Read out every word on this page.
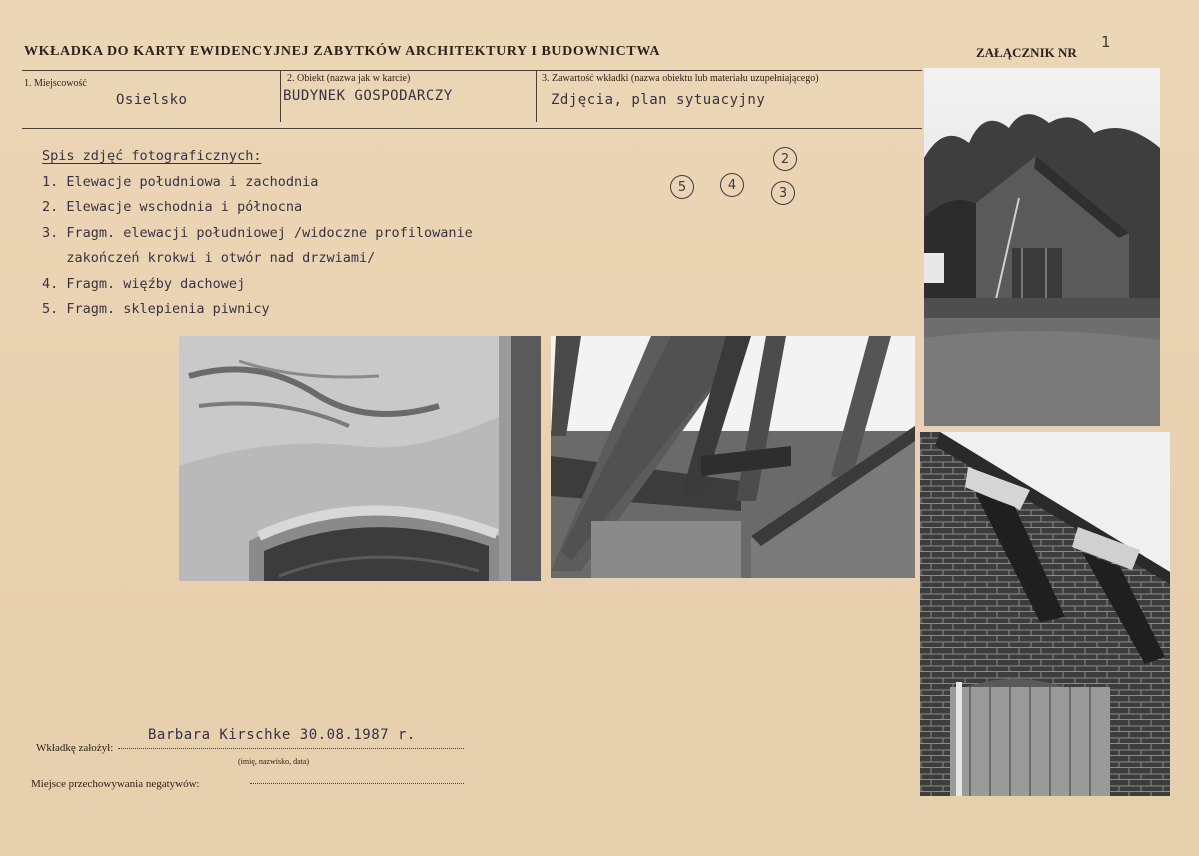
WKŁADKA DO KARTY EWIDENCYJNEJ ZABYTKÓW ARCHITEKTURY I BUDOWNICTWA	ZAŁĄCZNIK NR
1
1. Miejscowość
Osielsko
2. Obiekt (nazwa jak w karcie)
BUDYNEK GOSPODARCZY
3. Zawartość wkładki (nazwa obiektu lub materiału uzupełniającego)
Zdjęcia, plan sytuacyjny
Spis zdjęć fotograficznych:
1. Elewacje południowa i zachodnia
2. Elewacje wschodnia i północna
3. Fragm. elewacji południowej /widoczne profilowanie
zakończeń krokwi i otwór nad drzwiami/
4. Fragm. więźby dachowej
5. Fragm. sklepienia piwnicy
2
5	4
3
Wkładkę założył:
Barbara Kirschke 30.08.1987 r.
(imię, nazwisko, data)
Miejsce przechowywania negatywów:
